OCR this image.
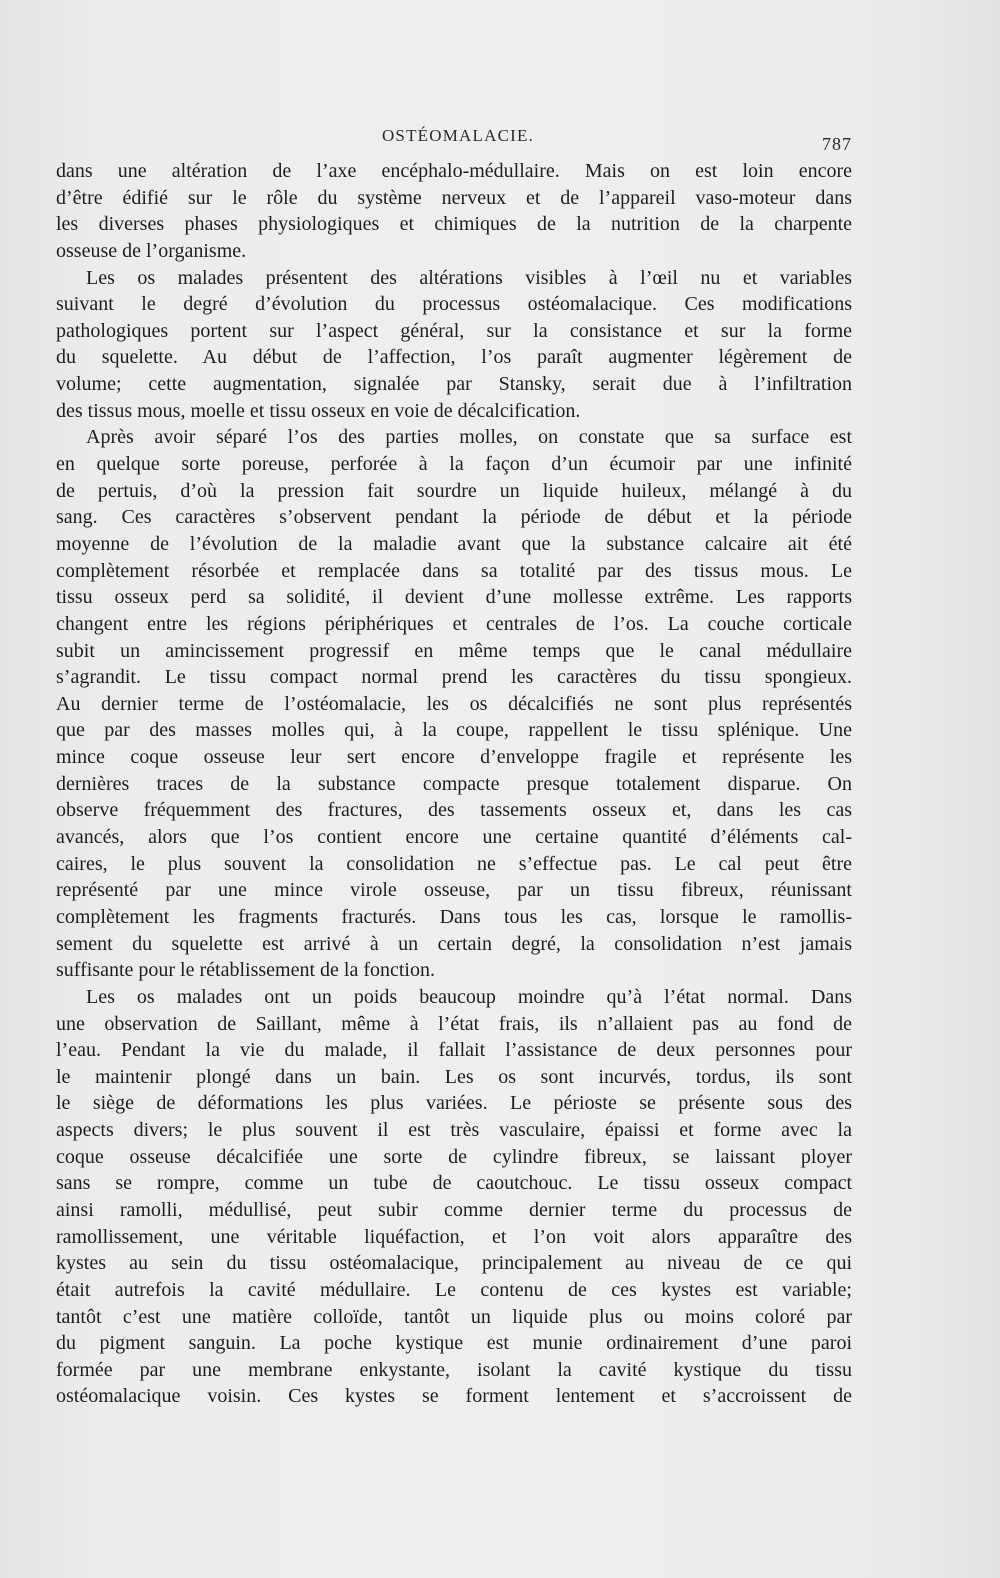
OSTÉOMALACIE.	787
dans une altération de l’axe encéphalo-médullaire. Mais on est loin encore
d’être édifié sur le rôle du système nerveux et de l’appareil vaso-moteur dans
les diverses phases physiologiques et chimiques de la nutrition de la charpente
osseuse de l’organisme.
Les os malades présentent des altérations visibles à l’œil nu et variables
suivant le degré d’évolution du processus ostéomalacique. Ces modifications
pathologiques portent sur l’aspect général, sur la consistance et sur la forme
du squelette. Au début de l’affection, l’os paraît augmenter légèrement de
volume; cette augmentation, signalée par Stansky, serait due à l’infiltration
des tissus mous, moelle et tissu osseux en voie de décalcification.
Après avoir séparé l’os des parties molles, on constate que sa surface est
en quelque sorte poreuse, perforée à la façon d’un écumoir par une infinité
de pertuis, d’où la pression fait sourdre un liquide huileux, mélangé à du
sang. Ces caractères s’observent pendant la période de début et la période
moyenne de l’évolution de la maladie avant que la substance calcaire ait été
complètement résorbée et remplacée dans sa totalité par des tissus mous. Le
tissu osseux perd sa solidité, il devient d’une mollesse extrême. Les rapports
changent entre les régions périphériques et centrales de l’os. La couche corticale
subit un amincissement progressif en même temps que le canal médullaire
s’agrandit. Le tissu compact normal prend les caractères du tissu spongieux.
Au dernier terme de l’ostéomalacie, les os décalcifiés ne sont plus représentés
que par des masses molles qui, à la coupe, rappellent le tissu splénique. Une
mince coque osseuse leur sert encore d’enveloppe fragile et représente les
dernières traces de la substance compacte presque totalement disparue. On
observe fréquemment des fractures, des tassements osseux et, dans les cas
avancés, alors que l’os contient encore une certaine quantité d’éléments cal-
caires, le plus souvent la consolidation ne s’effectue pas. Le cal peut être
représenté par une mince virole osseuse, par un tissu fibreux, réunissant
complètement les fragments fracturés. Dans tous les cas, lorsque le ramollis-
sement du squelette est arrivé à un certain degré, la consolidation n’est jamais
suffisante pour le rétablissement de la fonction.
Les os malades ont un poids beaucoup moindre qu’à l’état normal. Dans
une observation de Saillant, même à l’état frais, ils n’allaient pas au fond de
l’eau. Pendant la vie du malade, il fallait l’assistance de deux personnes pour
le maintenir plongé dans un bain. Les os sont incurvés, tordus, ils sont
le siège de déformations les plus variées. Le périoste se présente sous des
aspects divers; le plus souvent il est très vasculaire, épaissi et forme avec la
coque osseuse décalcifiée une sorte de cylindre fibreux, se laissant ployer
sans se rompre, comme un tube de caoutchouc. Le tissu osseux compact
ainsi ramolli, médullisé, peut subir comme dernier terme du processus de
ramollissement, une véritable liquéfaction, et l’on voit alors apparaître des
kystes au sein du tissu ostéomalacique, principalement au niveau de ce qui
était autrefois la cavité médullaire. Le contenu de ces kystes est variable;
tantôt c’est une matière colloïde, tantôt un liquide plus ou moins coloré par
du pigment sanguin. La poche kystique est munie ordinairement d’une paroi
formée par une membrane enkystante, isolant la cavité kystique du tissu
ostéomalacique voisin. Ces kystes se forment lentement et s’accroissent de
